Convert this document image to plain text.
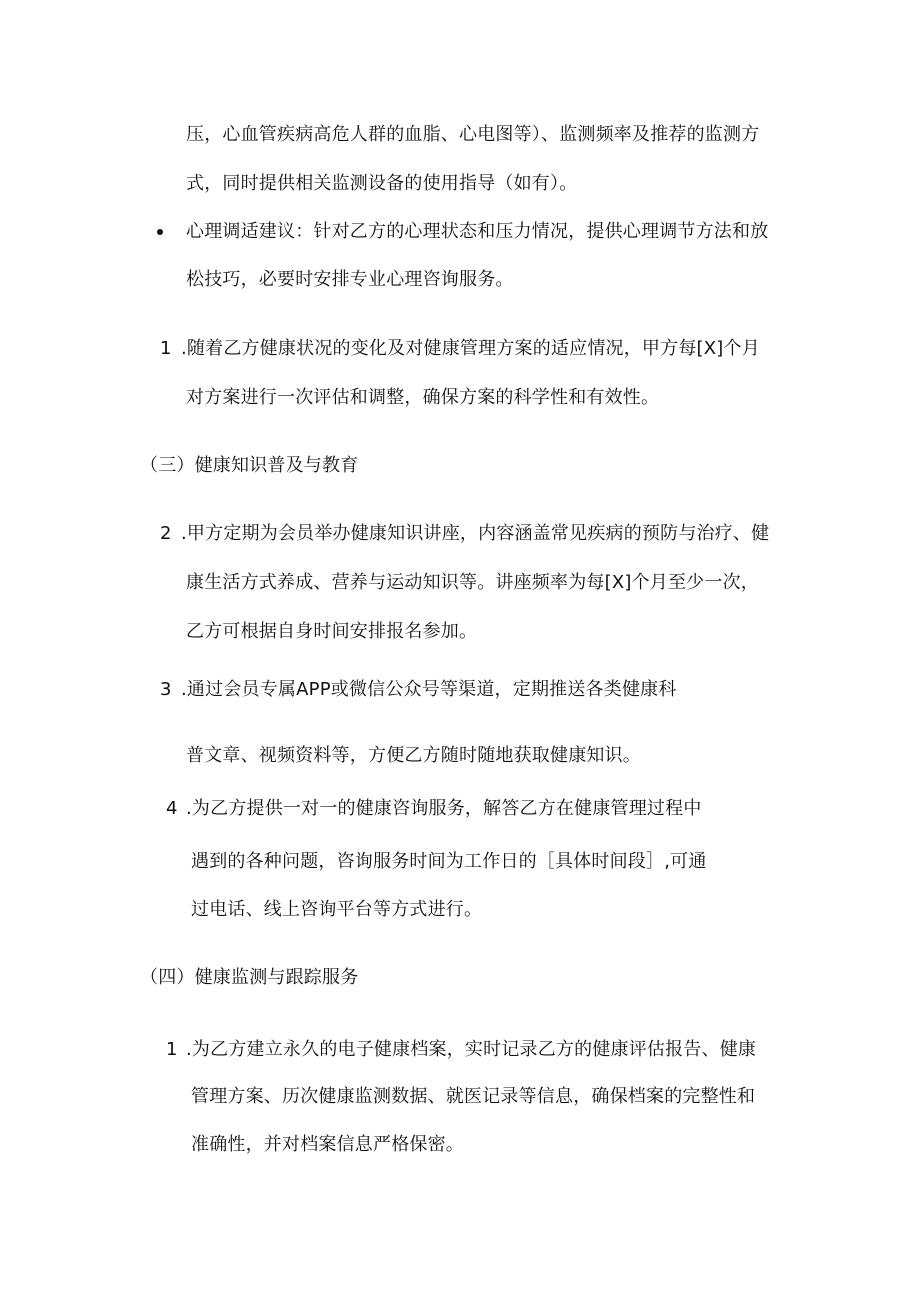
压，心血管疾病高危人群的血脂、心电图等）、监测频率及推荐的监测方
式，同时提供相关监测设备的使用指导（如有）。
心理调适建议：针对乙方的心理状态和压力情况，提供心理调节方法和放
松技巧，必要时安排专业心理咨询服务。
1 .随着乙方健康状况的变化及对健康管理方案的适应情况，甲方每[X]个月
对方案进行一次评估和调整，确保方案的科学性和有效性。
（三）健康知识普及与教育
2 .甲方定期为会员举办健康知识讲座，内容涵盖常见疾病的预防与治疗、健
康生活方式养成、营养与运动知识等。讲座频率为每[X]个月至少一次，
乙方可根据自身时间安排报名参加。
3 .通过会员专属APP或微信公众号等渠道，定期推送各类健康科
普文章、视频资料等，方便乙方随时随地获取健康知识。
4 .为乙方提供一对一的健康咨询服务，解答乙方在健康管理过程中
遇到的各种问题，咨询服务时间为工作日的［具体时间段］,可通
过电话、线上咨询平台等方式进行。
（四）健康监测与跟踪服务
1 .为乙方建立永久的电子健康档案，实时记录乙方的健康评估报告、健康
管理方案、历次健康监测数据、就医记录等信息，确保档案的完整性和
准确性，并对档案信息严格保密。
